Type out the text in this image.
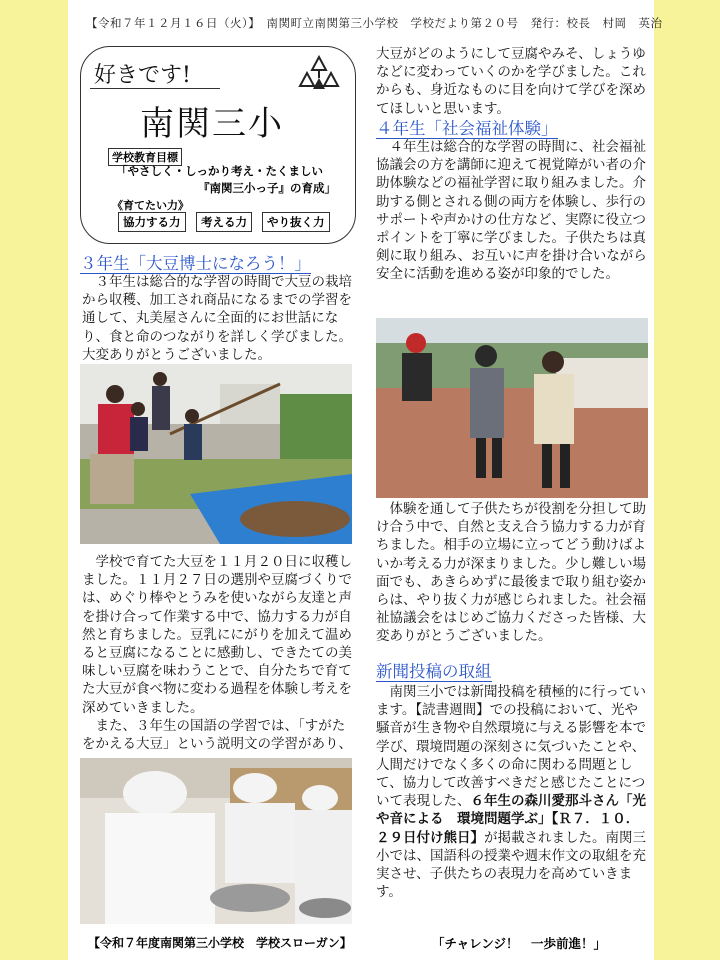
【令和７年１２月１６日（火）】　南関町立南関第三小学校　学校だより第２０号　発行：校長　村岡　英治
好きです!
南関三小
学校教育目標
「やさしく・しっかり考え・たくましい
『南関三小っ子』の育成」
《育てたい力》
協力する力	考える力	やり抜く力
３年生「大豆博士になろう！」

３年生は総合的な学習の時間で大豆の栽培から収穫、加工され商品になるまでの学習を通して、丸美屋さんに全面的にお世話になり、食と命のつながりを詳しく学びました。大変ありがとうございました。

学校で育てた大豆を１１月２０日に収穫しました。１１月２７日の選別や豆腐づくりでは、めぐり棒やとうみを使いながら友達と声を掛け合って作業する中で、協力する力が自然と育ちました。豆乳ににがりを加えて温めると豆腐になることに感動し、できたての美味しい豆腐を味わうことで、自分たちで育てた大豆が食べ物に変わる過程を体験し考えを深めていきました。

また、３年生の国語の学習では、「すがたをかえる大豆」という説明文の学習があり、

大豆がどのようにして豆腐やみそ、しょうゆなどに変わっていくのかを学びました。これからも、身近なものに目を向けて学びを深めてほしいと思います。

４年生「社会福祉体験」

４年生は総合的な学習の時間に、社会福祉協議会の方を講師に迎えて視覚障がい者の介助体験などの福祉学習に取り組みました。介助する側とされる側の両方を体験し、歩行のサポートや声かけの仕方など、実際に役立つポイントを丁寧に学びました。子供たちは真剣に取り組み、お互いに声を掛け合いながら安全に活動を進める姿が印象的でした。

体験を通して子供たちが役割を分担して助け合う中で、自然と支え合う協力する力が育ちました。相手の立場に立ってどう動けばよいか考える力が深まりました。少し難しい場面でも、あきらめずに最後まで取り組む姿からは、やり抜く力が感じられました。社会福祉協議会をはじめご協力くださった皆様、大変ありがとうございました。

新聞投稿の取組

南関三小では新聞投稿を積極的に行っています。【読書週間】での投稿において、光や騒音が生き物や自然環境に与える影響を本で学び、環境問題の深刻さに気づいたことや、人間だけでなく多くの命に関わる問題として、協力して改善すべきだと感じたことについて表現した、６年生の森川愛那斗さん「光や音による　環境問題学ぶ」【Ｒ７．１０．２９日付け熊日】が掲載されました。南関三小では、国語科の授業や週末作文の取組を充実させ、子供たちの表現力を高めていきます。

【令和７年度南関第三小学校　学校スローガン】	「チャレンジ！　一歩前進！」
